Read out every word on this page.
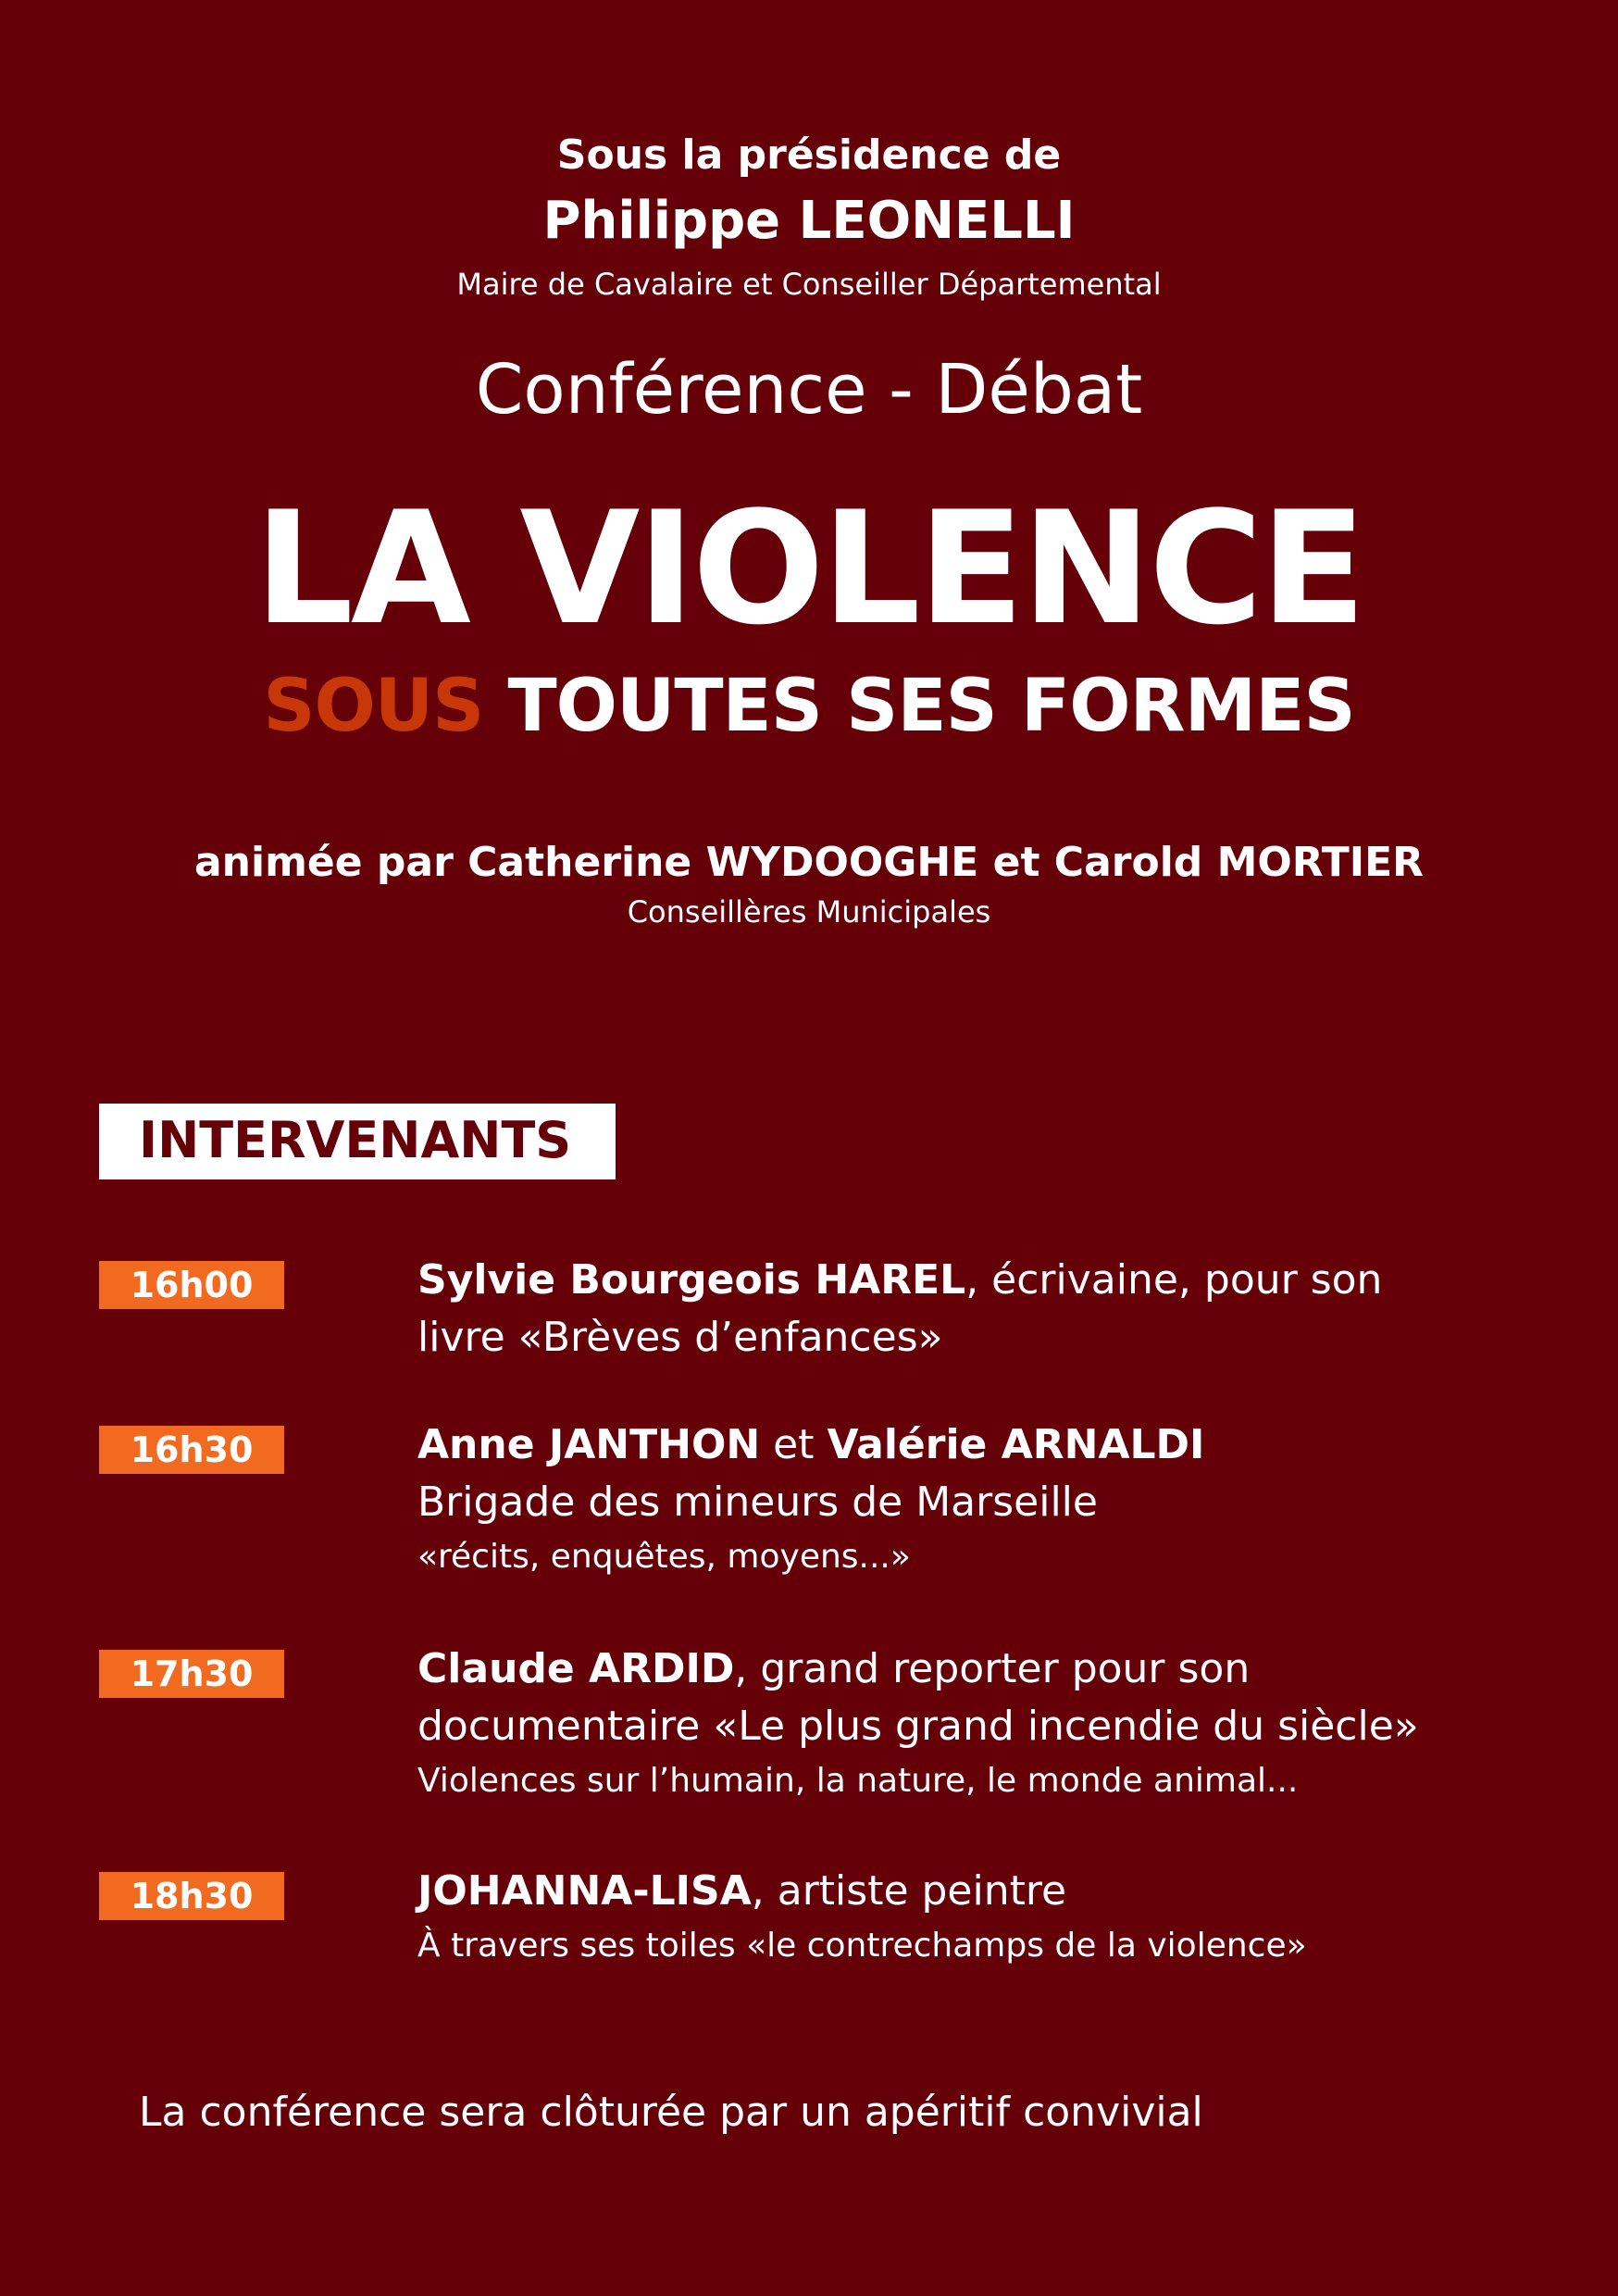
Sous la présidence de
Philippe LEONELLI
Maire de Cavalaire et Conseiller Départemental
Conférence - Débat
LA VIOLENCE
SOUS TOUTES SES FORMES
animée par Catherine WYDOOGHE et Carold MORTIER
Conseillères Municipales
INTERVENANTS
16h00	Sylvie Bourgeois HAREL, écrivaine, pour son
livre «Brèves d’enfances»
16h30	Anne JANTHON et Valérie ARNALDI
Brigade des mineurs de Marseille
«récits, enquêtes, moyens...»
17h30	Claude ARDID, grand reporter pour son
documentaire «Le plus grand incendie du siècle»
Violences sur l’humain, la nature, le monde animal...
18h30	JOHANNA-LISA, artiste peintre
À travers ses toiles «le contrechamps de la violence»
La conférence sera clôturée par un apéritif convivial
